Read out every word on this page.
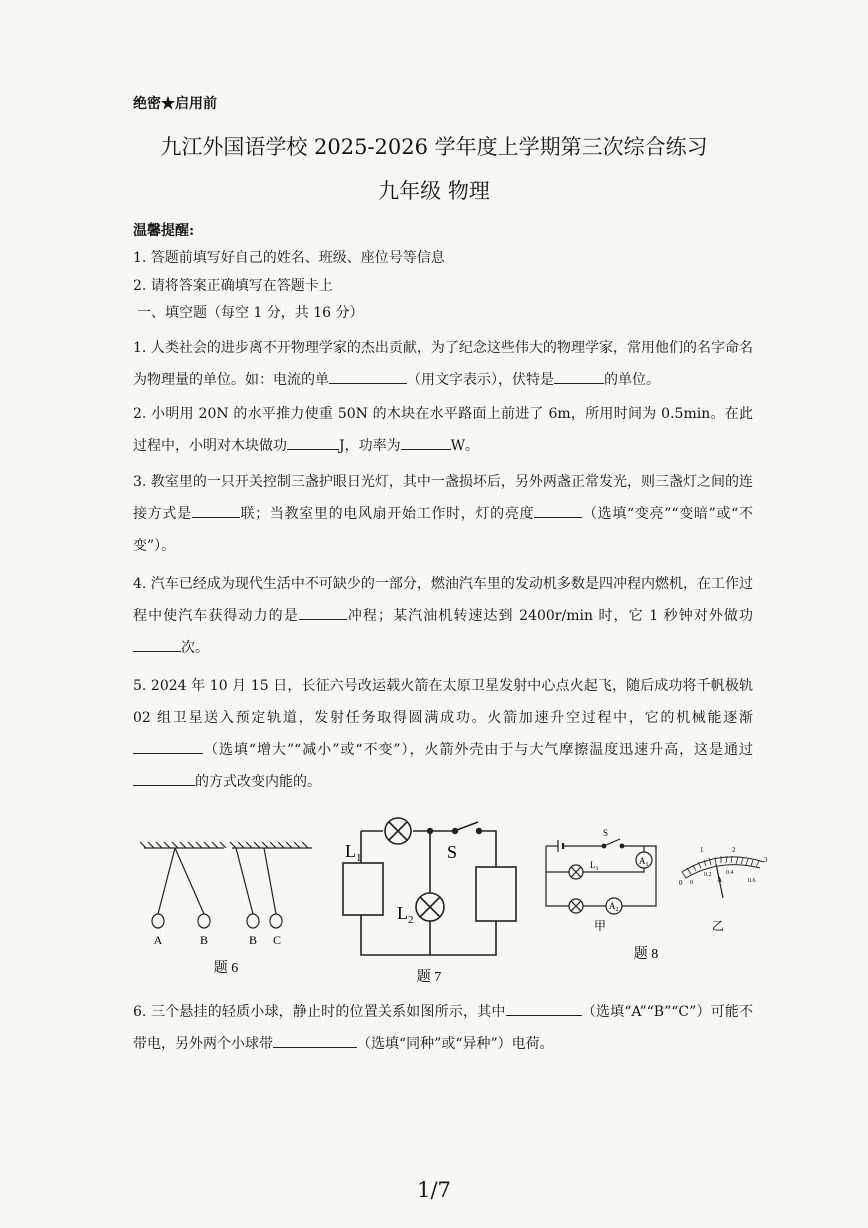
绝密★启用前
九江外国语学校 2025-2026 学年度上学期第三次综合练习
九年级 物理
温馨提醒:
1. 答题前填写好自己的姓名、班级、座位号等信息
2. 请将答案正确填写在答题卡上
一、填空题（每空 1 分，共 16 分）

1. 人类社会的进步离不开物理学家的杰出贡献，为了纪念这些伟大的物理学家，常用他们的名字命名为物理量的单位。如：电流的单	（用文字表示），伏特是	的单位。

2. 小明用 20N 的水平推力使重 50N 的木块在水平路面上前进了 6m，所用时间为 0.5min。在此过程中，小明对木块做功	J，功率为	W。

3. 教室里的一只开关控制三盏护眼日光灯，其中一盏损坏后，另外两盏正常发光，则三盏灯之间的连接方式是	联；当教室里的电风扇开始工作时，灯的亮度	（选填“变亮”“变暗”或“不变”）。

4. 汽车已经成为现代生活中不可缺少的一部分，燃油汽车里的发动机多数是四冲程内燃机，在工作过程中使汽车获得动力的是	冲程；某汽油机转速达到 2400r/min 时，它 1 秒钟对外做功次。

5. 2024 年 10 月 15 日，长征六号改运载火箭在太原卫星发射中心点火起飞，随后成功将千帆极轨 02 组卫星送入预定轨道，发射任务取得圆满成功。火箭加速升空过程中，它的机械能逐渐（选填“增大”“减小”或“不变”），火箭外壳由于与大气摩擦温度迅速升高，这是通过的方式改变内能的。

A	B	B C
题 6
$L_1$
$L_2$
S
题 7
S
$L_1$
$A_1$
$A_2$
甲
题 8
0
1	2
3
0
0.2 0.4
0.6
A
乙

6. 三个悬挂的轻质小球，静止时的位置关系如图所示，其中	（选填“A”“B”“C”）可能不带电，另外两个小球带	（选填“同种”或“异种”）电荷。

1/7
